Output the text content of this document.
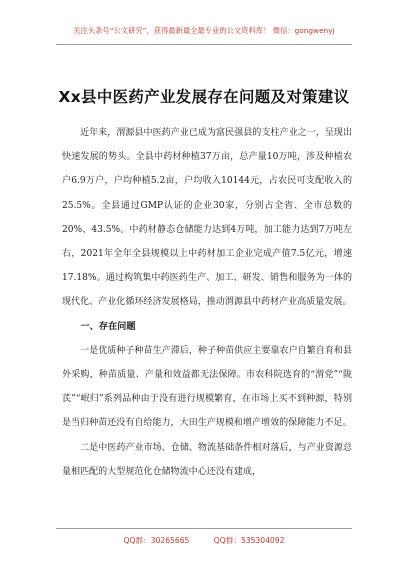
关注头条号“公文研究”，获得最新最全最专业的公文资料库！ 微信：gongwenyj
Xx县中医药产业发展存在问题及对策建议

近年来，渭源县中医药产业已成为富民强县的支柱产业之一，呈现出快速发展的势头。全县中药材种植37万亩，总产量10万吨，涉及种植农户6.9万户，户均种植5.2亩，户均收入10144元，占农民可支配收入的25.5%。全县通过GMP认证的企业30家，分别占全省、全市总数的20%、43.5%。中药材静态仓储能力达到4万吨，加工能力达到7万吨左右，2021年全年全县规模以上中药材加工企业完成产值7.5亿元，增速17.18%。通过构筑集中药医药生产、加工、研发、销售和服务为一体的现代化、产业化循环经济发展格局，推动渭源县中药材产业高质量发展。

一、存在问题

一是优质种子种苗生产滞后，种子种苗供应主要靠农户自繁自育和县外采购，种苗质量、产量和效益都无法保障。市农科院选育的“渭党”“陇芪”“岷归”系列品种由于没有进行规模繁育，在市场上买不到种源，特别是当归种苗还没有自给能力，大田生产规模和增产增效的保障能力不足。

二是中医药产业市场、仓储、物流基础条件相对落后，与产业资源总量相匹配的大型规范化仓储物流中心还没有建成，

QQ群：30265665	QQ群：535304092
